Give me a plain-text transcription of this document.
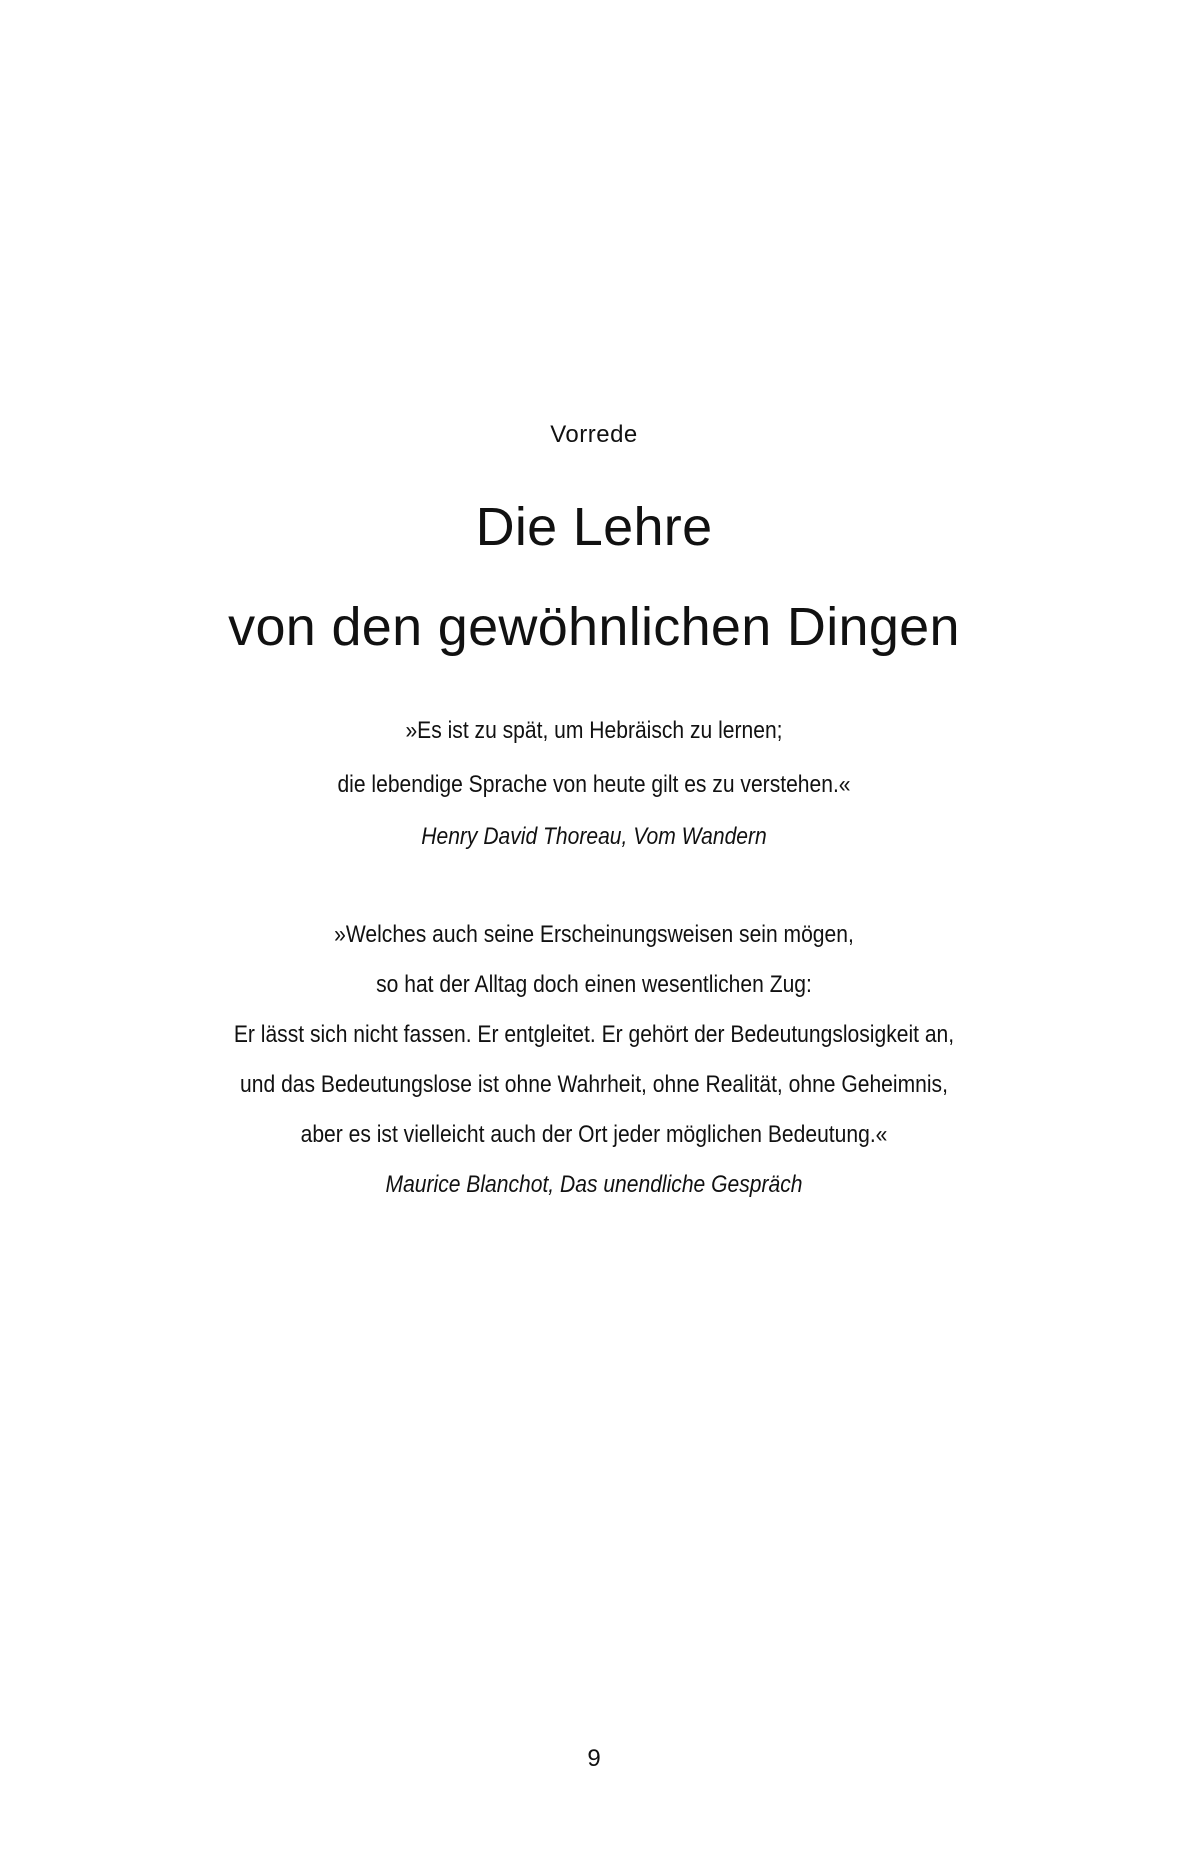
Vorrede
Die Lehre
von den gewöhnlichen Dingen
»Es ist zu spät, um Hebräisch zu lernen;
die lebendige Sprache von heute gilt es zu verstehen.«
Henry David Thoreau, Vom Wandern
»Welches auch seine Erscheinungsweisen sein mögen,
so hat der Alltag doch einen wesentlichen Zug:
Er lässt sich nicht fassen. Er entgleitet. Er gehört der Bedeutungslosigkeit an,
und das Bedeutungslose ist ohne Wahrheit, ohne Realität, ohne Geheimnis,
aber es ist vielleicht auch der Ort jeder möglichen Bedeutung.«
Maurice Blanchot, Das unendliche Gespräch
9
